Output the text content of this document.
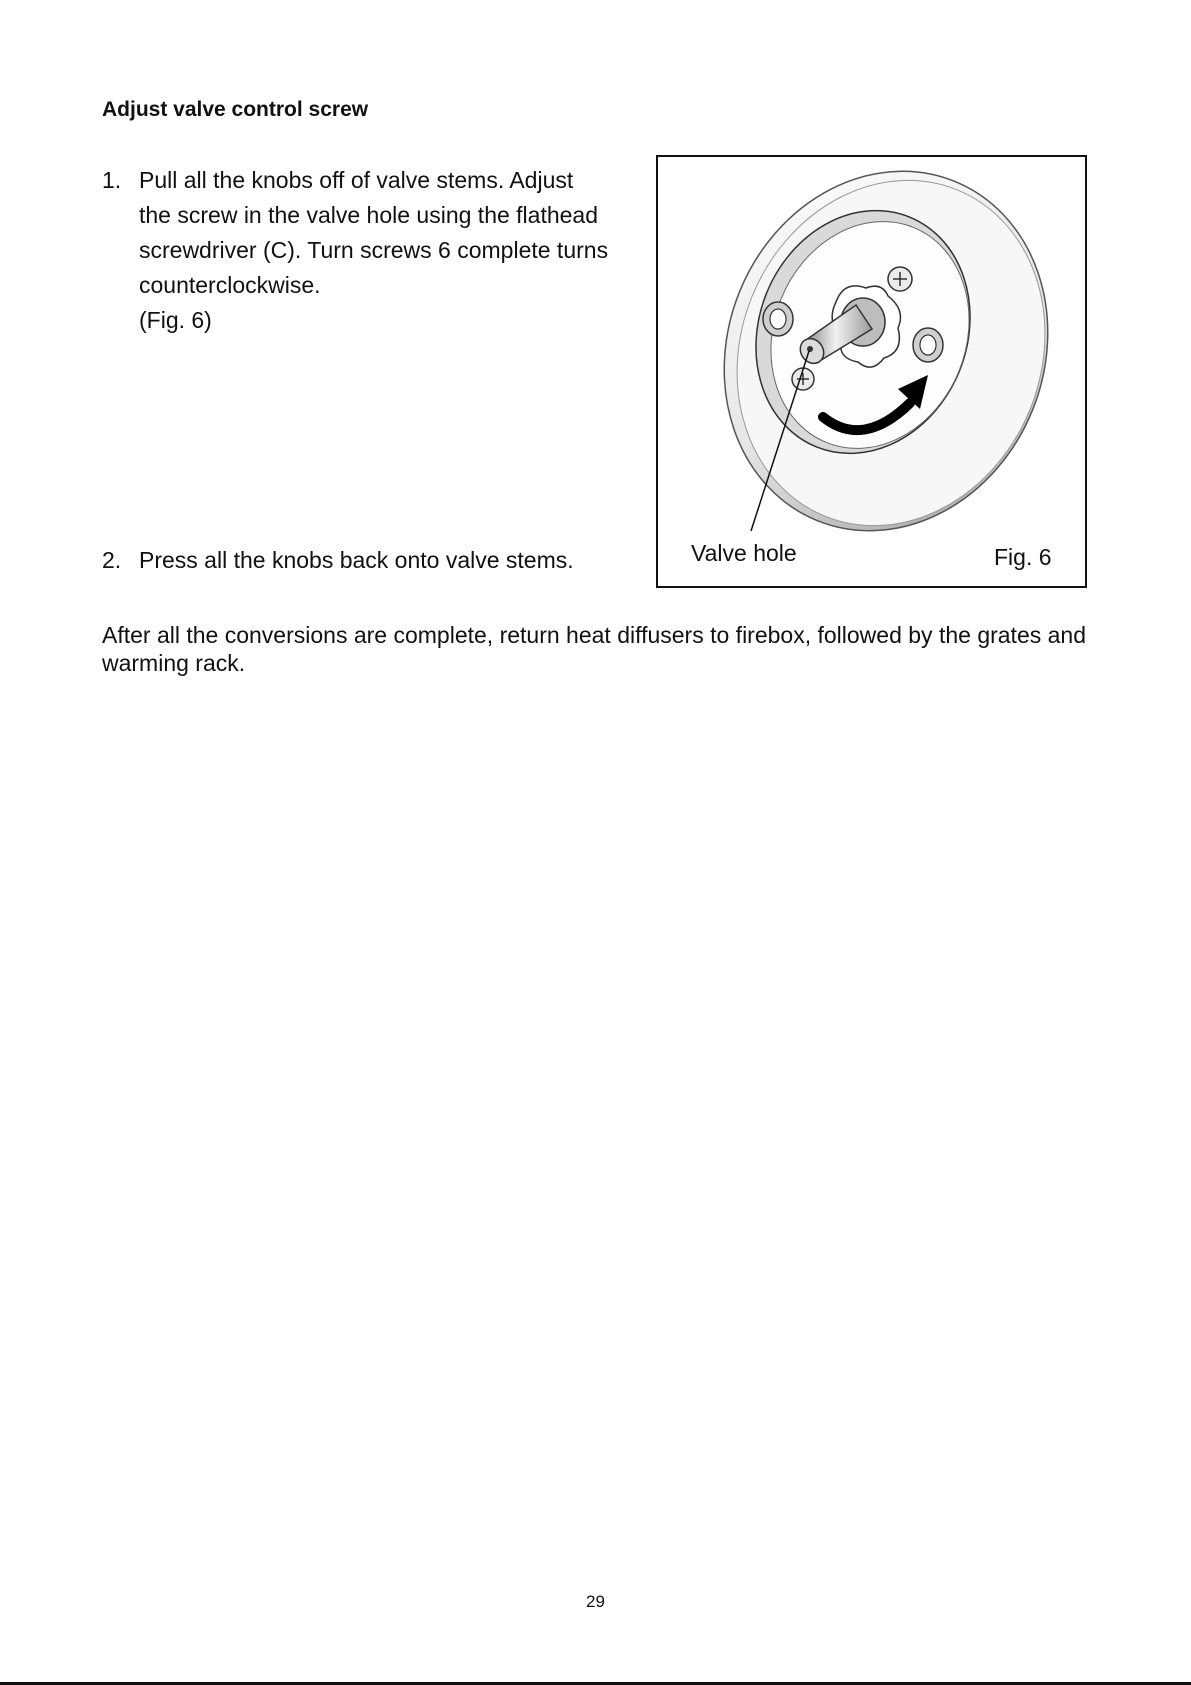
Adjust valve control screw
1. Pull all the knobs off of valve stems. Adjust
the screw in the valve hole using the flathead
screwdriver (C). Turn screws 6 complete turns
counterclockwise.
(Fig. 6)
2. Press all the knobs back onto valve stems.	Valve hole	Fig. 6

After all the conversions are complete, return heat diffusers to firebox, followed by the grates and warming rack.

29
